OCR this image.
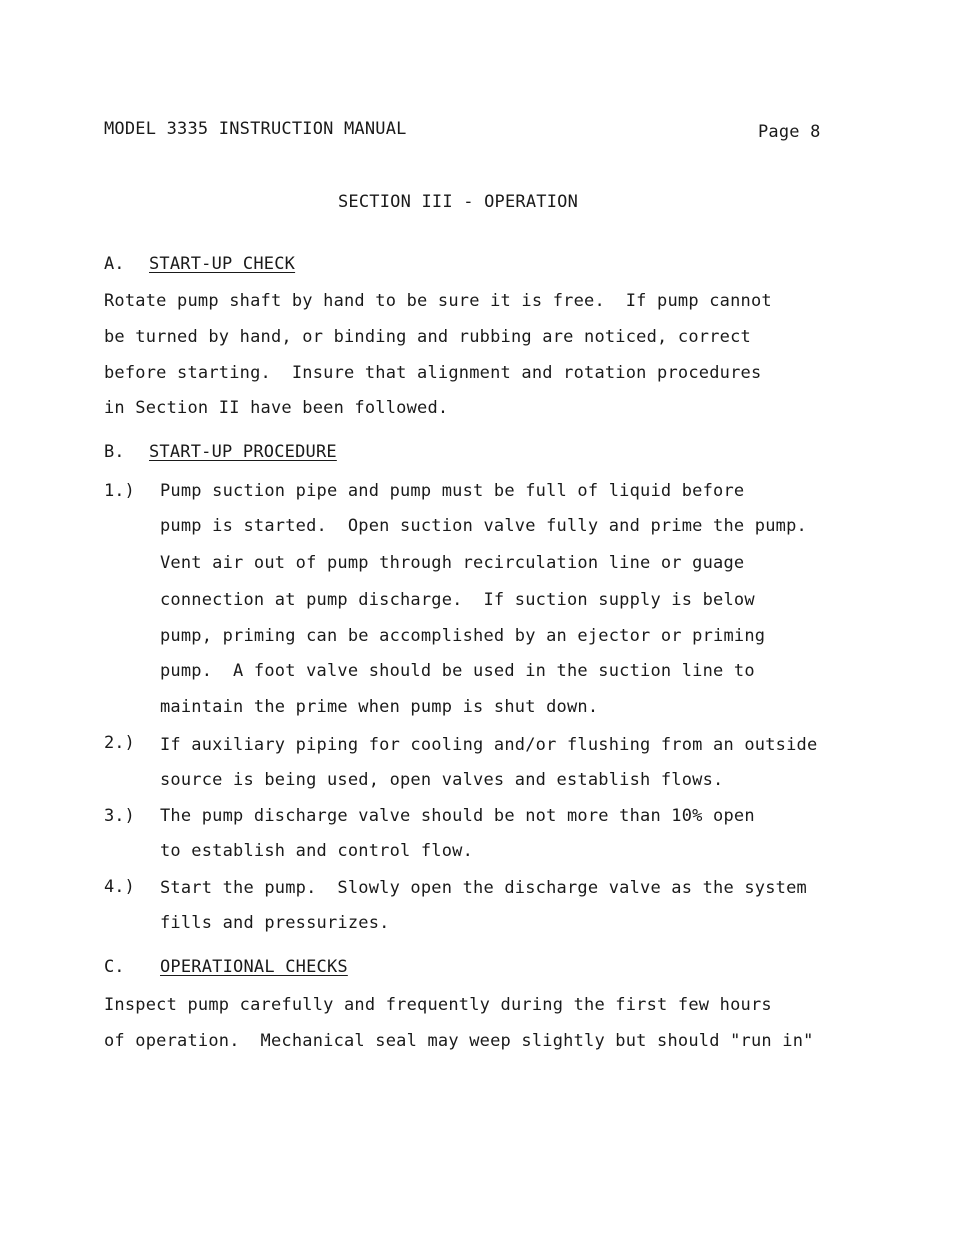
MODEL 3335 INSTRUCTION MANUAL	Page 8
SECTION III - OPERATION
A. START-UP CHECK
Rotate pump shaft by hand to be sure it is free.  If pump cannot
be turned by hand, or binding and rubbing are noticed, correct
before starting.  Insure that alignment and rotation procedures
in Section II have been followed.
B. START-UP PROCEDURE
1.) Pump suction pipe and pump must be full of liquid before
pump is started.  Open suction valve fully and prime the pump.
Vent air out of pump through recirculation line or guage
connection at pump discharge.  If suction supply is below
pump, priming can be accomplished by an ejector or priming
pump.  A foot valve should be used in the suction line to
maintain the prime when pump is shut down.
2.) If auxiliary piping for cooling and/or flushing from an outside
source is being used, open valves and establish flows.
3.) The pump discharge valve should be not more than 10% open
to establish and control flow.
4.) Start the pump.  Slowly open the discharge valve as the system
fills and pressurizes.
C. OPERATIONAL CHECKS
Inspect pump carefully and frequently during the first few hours
of operation.  Mechanical seal may weep slightly but should "run in"
